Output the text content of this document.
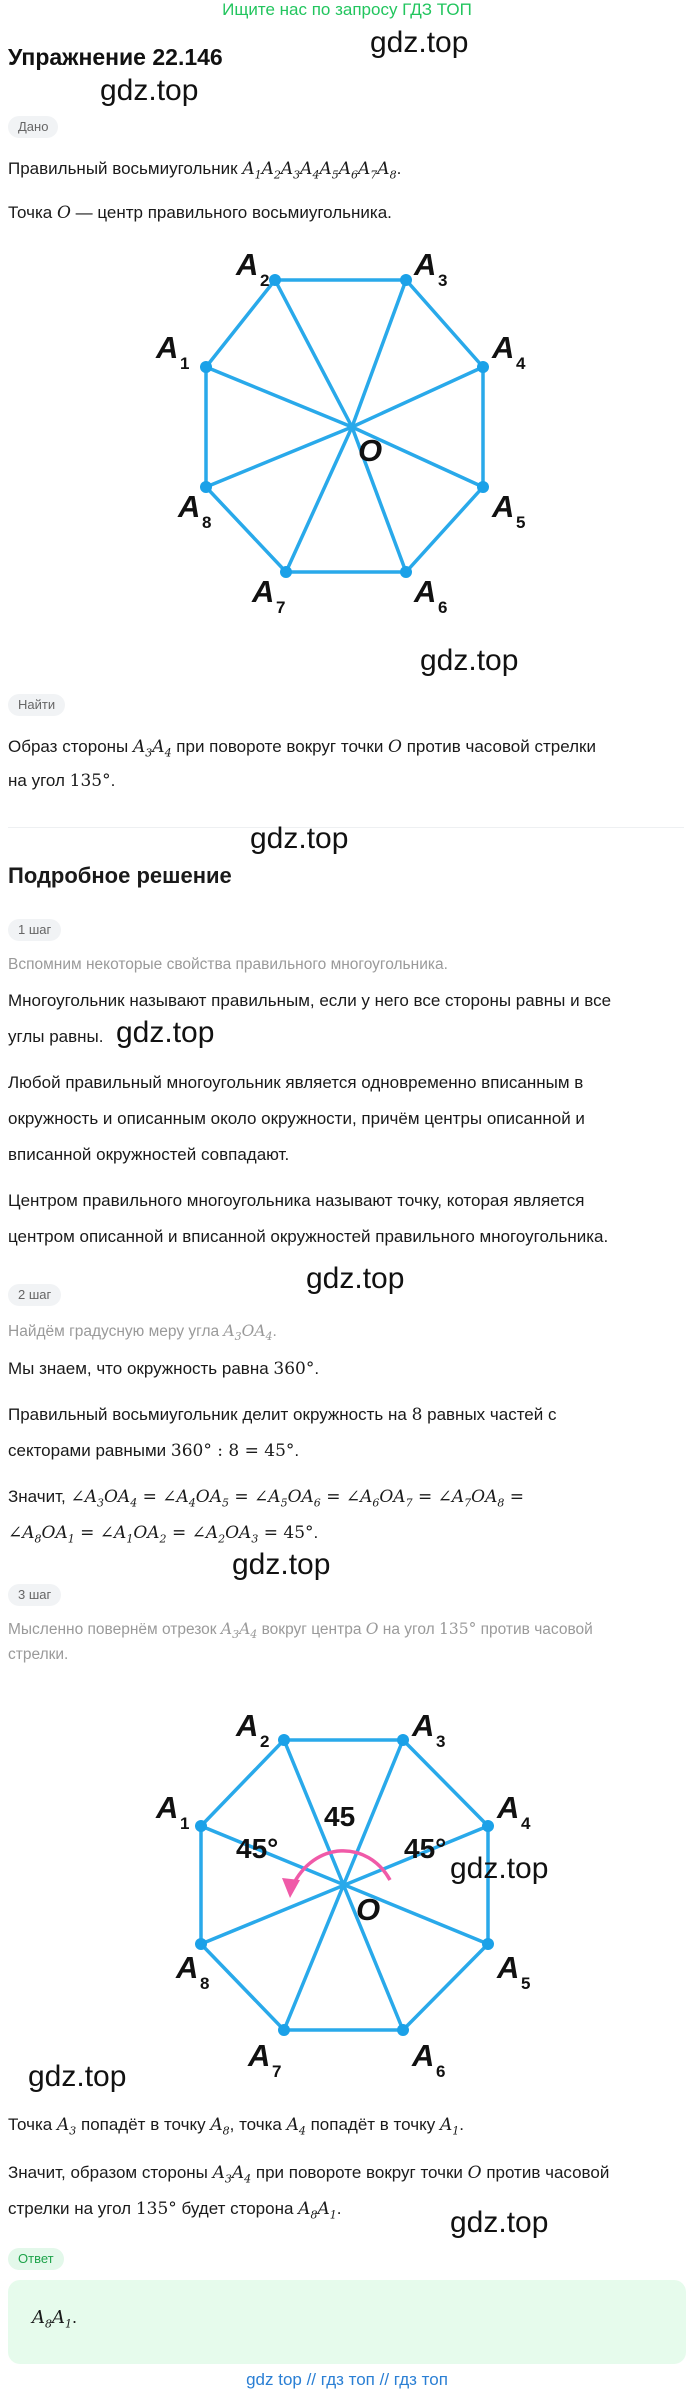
Ищите нас по запросу ГДЗ ТОП
Упражнение 22.146	gdz.top
gdz.top
Дано
Правильный восьмиугольник $A_1A_2A_3A_4A_5A_6A_7A_8$.
Точка O — центр правильного восьмиугольника.
A 2	A 3
A 4
A 5
A 6
A 7
A 8
A 1
O
gdz.top
Найти
Образ стороны $A_3A_4$ при повороте вокруг точки O против часовой стрелки
на угол 135°.
gdz.top
Подробное решение
1 шаг
Вспомним некоторые свойства правильного многоугольника.
Многоугольник называют правильным, если у него все стороны равны и все
углы равны. gdz.top
Любой правильный многоугольник является одновременно вписанным в
окружность и описанным около окружности, причём центры описанной и
вписанной окружностей совпадают.
Центром правильного многоугольника называют точку, которая является
центром описанной и вписанной окружностей правильного многоугольника.
gdz.top
2 шаг
Найдём градусную меру угла $A_3OA_4$.
Мы знаем, что окружность равна 360°.
Правильный восьмиугольник делит окружность на 8 равных частей с
секторами равными 360° : 8 = 45°.
Значит, $\angle A_3OA_4$ = $\angle A_4OA_5$ = $\angle A_5OA_6$ = $\angle A_6OA_7$ = $\angle A_7OA_8$ =
$\angle A_8OA_1$ = $\angle A_1OA_2$ = $\angle A_2OA_3 = 45^\circ$.
gdz.top
3 шаг
Мысленно повернём отрезок $A_3A_4$ вокруг центра O на угол 135° против часовой
стрелки.
45
45°	45°
A 2	A 3
A 4
A 5
A 6
A 7
A 8
A 1
O
gdz.top
gdz.top
Точка $A_3$ попадёт в точку $A_8$, точка $A_4$ попадёт в точку $A_1$.
Значит, образом стороны $A_3A_4$ при повороте вокруг точки O против часовой
стрелки на угол 135° будет сторона $A_8A_1$.	gdz.top
Ответ
$A_8A_1$.
gdz top // гдз топ // гдз топ
